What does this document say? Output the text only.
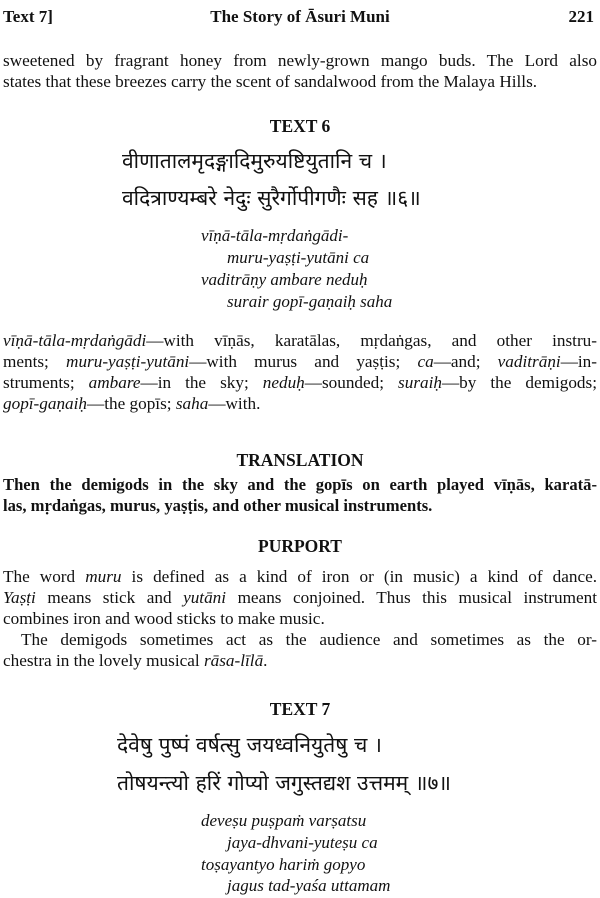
Text 7]	The Story of Āsuri Muni	221
sweetened by fragrant honey from newly-grown mango buds. The Lord also
states that these breezes carry the scent of sandalwood from the Malaya Hills.
TEXT 6
वीणातालमृदङ्गादिमुरुयष्टियुतानि च ।
वदित्राण्यम्बरे नेदुः सुरैर्गोपीगणैः सह ॥६॥
vīṇā-tāla-mṛdaṅgādi-
muru-yaṣṭi-yutāni ca
vaditrāṇy ambare neduḥ
surair gopī-gaṇaiḥ saha
vīṇā-tāla-mṛdaṅgādi—with vīṇās, karatālas, mṛdaṅgas, and other instru-
ments; muru-yaṣṭi-yutāni—with murus and yaṣṭis; ca—and; vaditrāṇi—in-
struments; ambare—in the sky; neduḥ—sounded; suraiḥ—by the demigods;
gopī-gaṇaiḥ—the gopīs; saha—with.
TRANSLATION
Then the demigods in the sky and the gopīs on earth played vīṇās, karatā-
las, mṛdaṅgas, murus, yaṣṭis, and other musical instruments.
PURPORT
The word muru is defined as a kind of iron or (in music) a kind of dance.
Yaṣṭi means stick and yutāni means conjoined. Thus this musical instrument
combines iron and wood sticks to make music.
The demigods sometimes act as the audience and sometimes as the or-
chestra in the lovely musical rāsa-līlā.
TEXT 7
देवेषु पुष्पं वर्षत्सु जयध्वनियुतेषु च ।
तोषयन्त्यो हरिं गोप्यो जगुस्तद्यश उत्तमम् ॥७॥
deveṣu puṣpaṁ varṣatsu
jaya-dhvani-yuteṣu ca
toṣayantyo hariṁ gopyo
jagus tad-yaśa uttamam
